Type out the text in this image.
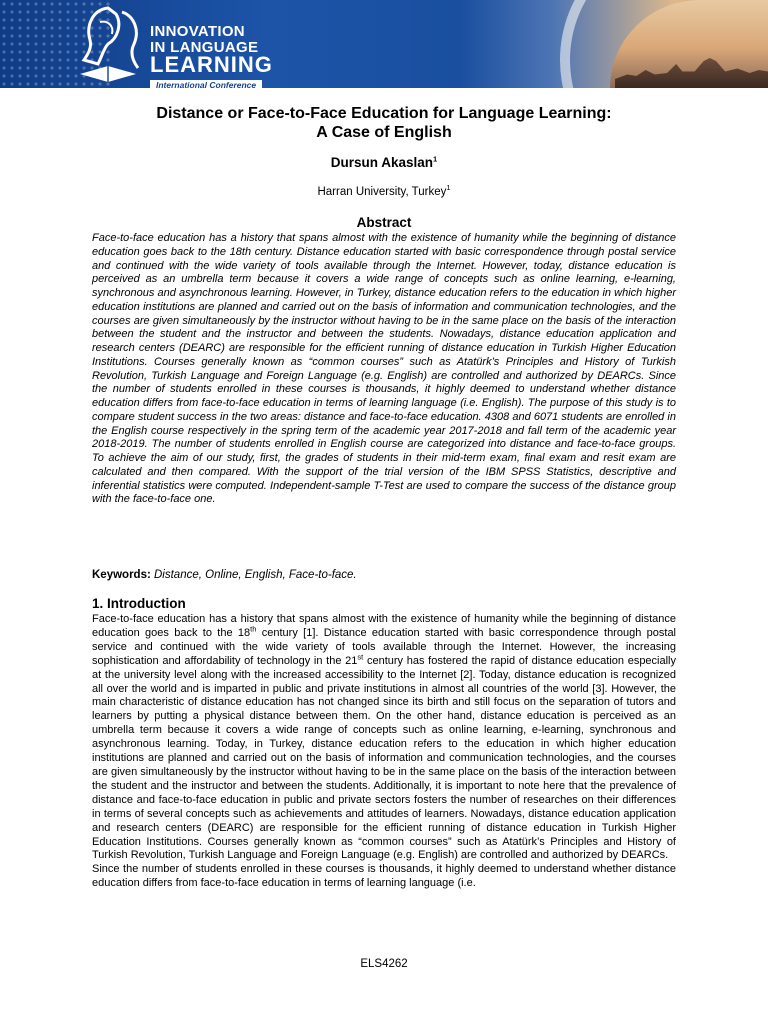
INNOVATION
IN LANGUAGE
LEARNING
International Conference
Distance or Face-to-Face Education for Language Learning:
A Case of English
Dursun Akaslan$^1$
Harran University, Turkey$^1$
Abstract

Face-to-face education has a history that spans almost with the existence of humanity while the beginning of distance education goes back to the 18th century. Distance education started with basic correspondence through postal service and continued with the wide variety of tools available through the Internet. However, today, distance education is perceived as an umbrella term because it covers a wide range of concepts such as online learning, e-learning, synchronous and asynchronous learning. However, in Turkey, distance education refers to the education in which higher education institutions are planned and carried out on the basis of information and communication technologies, and the courses are given simultaneously by the instructor without having to be in the same place on the basis of the interaction between the student and the instructor and between the students. Nowadays, distance education application and research centers (DEARC) are responsible for the efficient running of distance education in Turkish Higher Education Institutions. Courses generally known as “common courses” such as Atatürk’s Principles and History of Turkish Revolution, Turkish Language and Foreign Language (e.g. English) are controlled and authorized by DEARCs. Since the number of students enrolled in these courses is thousands, it highly deemed to understand whether distance education differs from face-to-face education in terms of learning language (i.e. English). The purpose of this study is to compare student success in the two areas: distance and face-to-face education. 4308 and 6071 students are enrolled in the English course respectively in the spring term of the academic year 2017-2018 and fall term of the academic year 2018-2019. The number of students enrolled in English course are categorized into distance and face-to-face groups. To achieve the aim of our study, first, the grades of students in their mid-term exam, final exam and resit exam are calculated and then compared. With the support of the trial version of the IBM SPSS Statistics, descriptive and inferential statistics were computed. Independent-sample T-Test are used to compare the success of the distance group with the face-to-face one.

Keywords: Distance, Online, English, Face-to-face.
1. Introduction
Face-to-face education has a history that spans almost with the existence of humanity while the beginning of distance education goes back to the 18th century [1]. Distance education started with basic correspondence through postal service and continued with the wide variety of tools available through the Internet. However, the increasing sophistication and affordability of technology in the 21st century has fostered the rapid of distance education especially at the university level along with the increased accessibility to the Internet [2]. Today, distance education is recognized all over the world and is imparted in public and private institutions in almost all countries of the world [3]. However, the main characteristic of distance education has not changed since its birth and still focus on the separation of tutors and learners by putting a physical distance between them. On the other hand, distance education is perceived as an umbrella term because it covers a wide range of concepts such as online learning, e-learning, synchronous and asynchronous learning. Today, in Turkey, distance education refers to the education in which higher education institutions are planned and carried out on the basis of information and communication technologies, and the courses are given simultaneously by the instructor without having to be in the same place on the basis of the interaction between the student and the instructor and between the students. Additionally, it is important to note here that the prevalence of distance and face-to-face education in public and private sectors fosters the number of researches on their differences in terms of several concepts such as achievements and attitudes of learners. Nowadays, distance education application and research centers (DEARC) are responsible for the efficient running of distance education in Turkish Higher Education Institutions. Courses generally known as “common courses” such as Atatürk’s Principles and History of Turkish Revolution, Turkish Language and Foreign Language (e.g. English) are controlled and authorized by DEARCs.
Since the number of students enrolled in these courses is thousands, it highly deemed to understand whether distance education differs from face-to-face education in terms of learning language (i.e.
ELS4262
